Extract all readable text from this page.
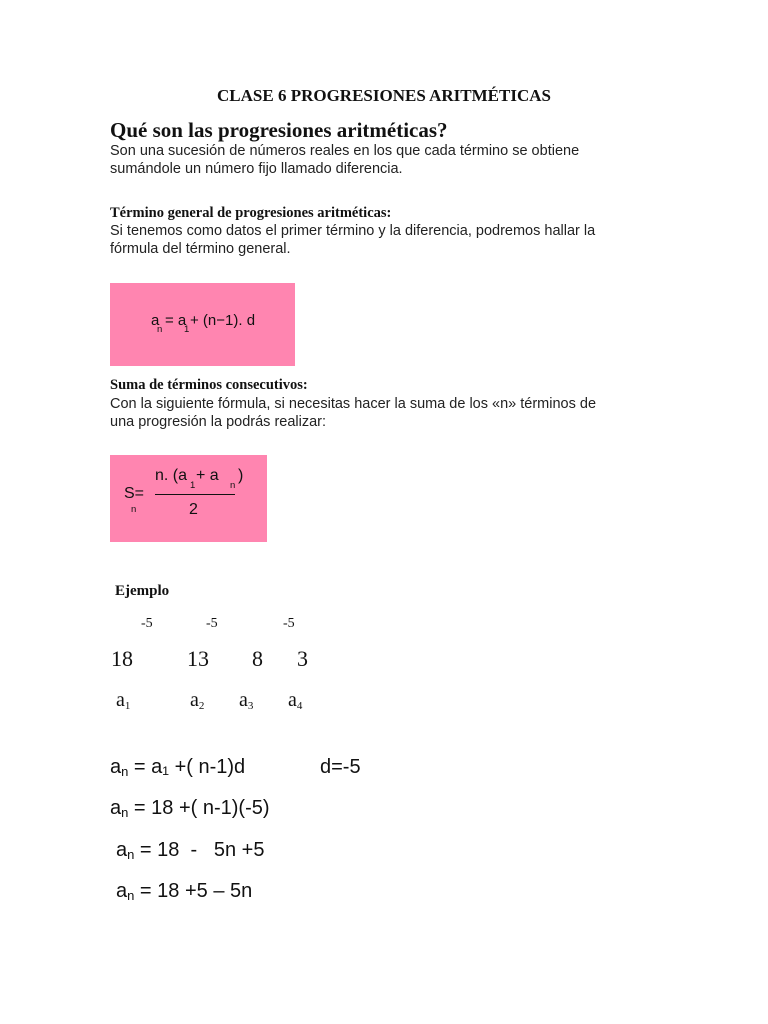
CLASE 6 PROGRESIONES ARITMÉTICAS
Qué son las progresiones aritméticas?
Son una sucesión de números reales en los que cada término se obtiene
sumándole un número fijo llamado diferencia.
Término general de progresiones aritméticas:
Si tenemos como datos el primer término y la diferencia, podremos hallar la
fórmula del término general.
a
n
= a
1
+ (n−1). d
Suma de términos consecutivos:
Con la siguiente fórmula, si necesitas hacer la suma de los «n» términos de
una progresión la podrás realizar:
S=
n
n. (a
1
+ a
n
)
2
Ejemplo
-5	-5	-5
18 13 8 3
$a_1$	$a_2$ $a_3$ $a_4$
$a_n = a_1$ +( n-1)d	d=-5
$a_n = 18$ +( n-1)(-5)
$a_n = 18 - 5n +5$
$a_n = 18 +5 - 5n$
